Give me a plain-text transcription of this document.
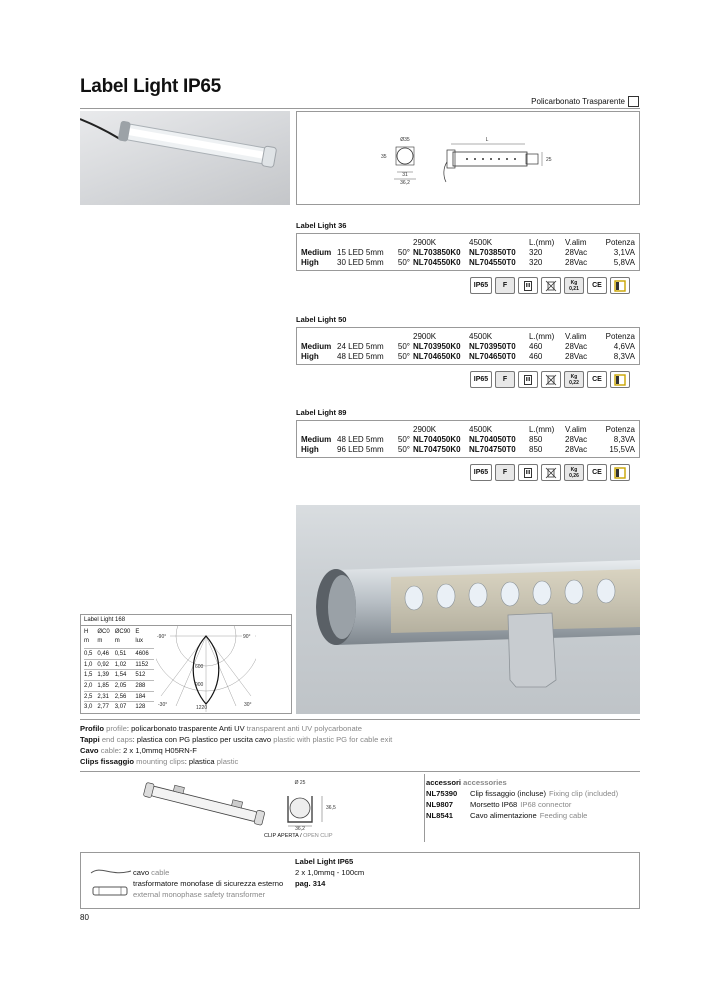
Label Light IP65
Policarbonato Trasparente
Ø35
35
31
36,2
L
25
Label Light 36
			2900K	4500K	L.(mm)	V.alim	Potenza
Medium	15 LED 5mm	50°	NL703850K0	NL703850T0	320	28Vac	3,1VA
High	30 LED 5mm	50°	NL704550K0	NL704550T0	320	28Vac	5,8VA
IP65 F	III	Kg
0,21 CE
Label Light 50
			2900K	4500K	L.(mm)	V.alim	Potenza
Medium	24 LED 5mm	50°	NL703950K0	NL703950T0	460	28Vac	4,6VA
High	48 LED 5mm	50°	NL704650K0	NL704650T0	460	28Vac	8,3VA
IP65 F	III	Kg
0,22 CE
Label Light 89
			2900K	4500K	L.(mm)	V.alim	Potenza
Medium	48 LED 5mm	50°	NL704050K0	NL704050T0	850	28Vac	8,3VA
High	96 LED 5mm	50°	NL704750K0	NL704750T0	850	28Vac	15,5VA
IP65 F	III	Kg
0,26 CE
Label Light 168
H	ØC0	ØC90	E
m	m	m	lux
0,5	0,46	0,51	4606
1,0	0,92	1,02	1152
1,5	1,39	1,54	512
2,0	1,85	2,05	288
2,5	2,31	2,56	184
3,0	2,77	3,07	128
-90°	90°
600
900
1220
-30°	30°
Profilo profile: policarbonato trasparente Anti UV transparent anti UV polycarbonate
Tappi end caps: plastica con PG plastico per uscita cavo plastic with plastic PG for cable exit
Cavo cable: 2 x 1,0mmq H05RN-F
Clips fissaggio mounting clips: plastica plastic
Ø 25
36,5
36,2
CLIP APERTA / OPEN CLIP
accessori accessories
NL75390	Clip fissaggio (incluse) Fixing clip (included)
NL9807	Morsetto IP68 IP68 connector
NL8541	Cavo alimentazione Feeding cable
cavo cable
trasformatore monofase di sicurezza esterno
external monophase safety transformer
Label Light IP65
2 x 1,0mmq - 100cm
pag. 314
80
